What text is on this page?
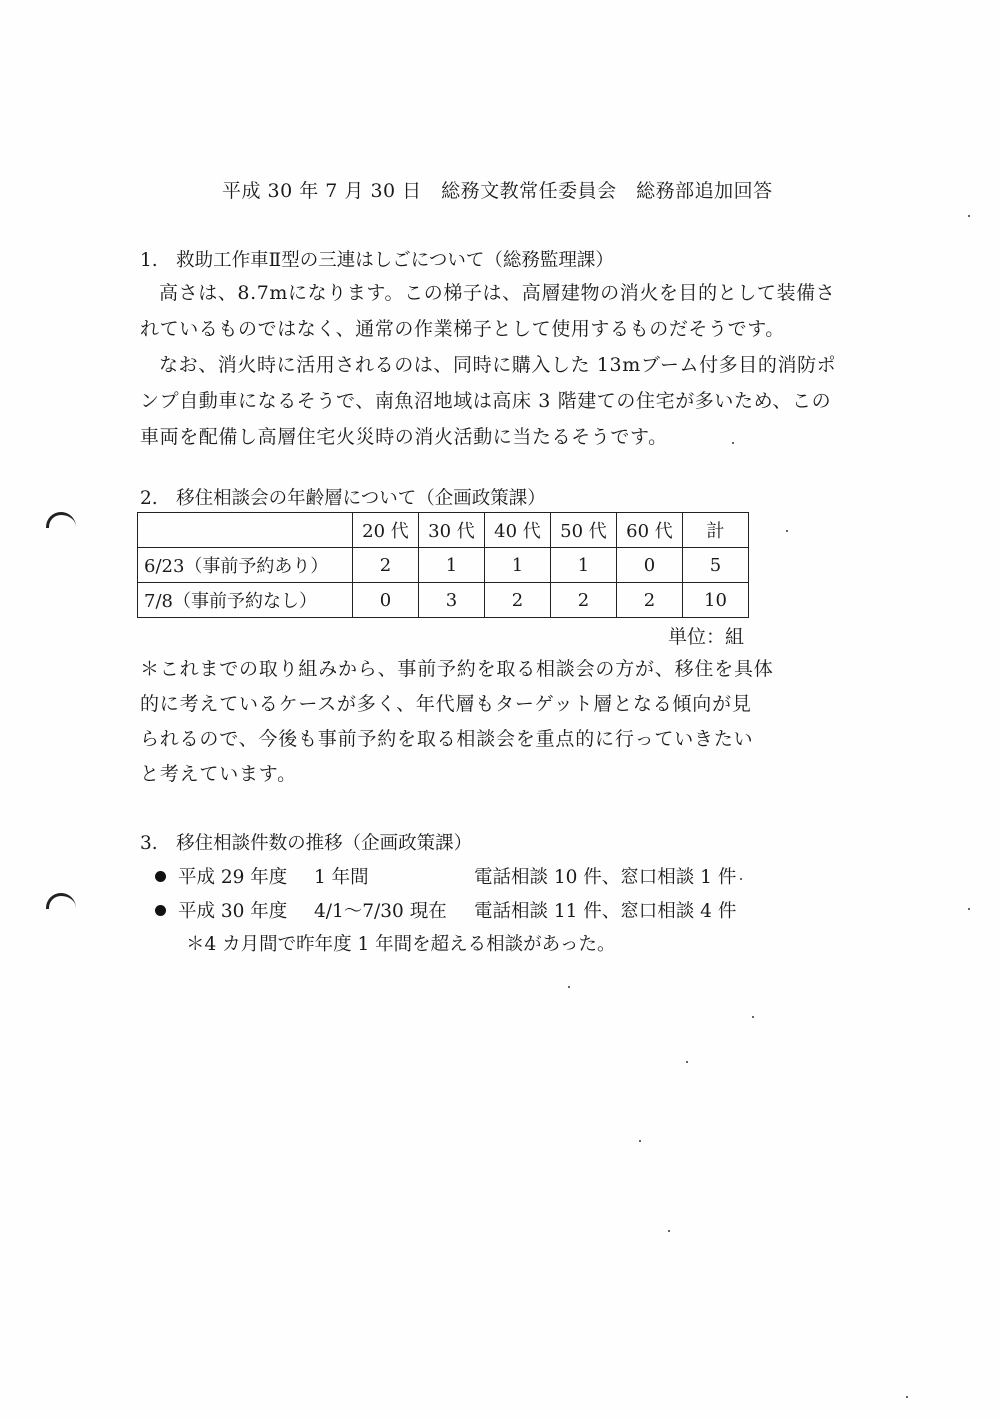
平成 30 年 7 月 30 日　総務文教常任委員会　総務部追加回答
1.　救助工作車Ⅱ型の三連はしごについて（総務監理課）
高さは、8.7mになります。この梯子は、高層建物の消火を目的として装備さ
れているものではなく、通常の作業梯子として使用するものだそうです。
なお、消火時に活用されるのは、同時に購入した 13mブーム付多目的消防ポ
ンプ自動車になるそうで、南魚沼地域は高床 3 階建ての住宅が多いため、この
車両を配備し高層住宅火災時の消火活動に当たるそうです。
2.　移住相談会の年齢層について（企画政策課）
	20 代	30 代	40 代	50 代	60 代	計
6/23（事前予約あり）	2	1	1	1	0	5
7/8（事前予約なし）	0	3	2	2	2	10
単位：組
＊これまでの取り組みから、事前予約を取る相談会の方が、移住を具体
的に考えているケースが多く、年代層もターゲット層となる傾向が見
られるので、今後も事前予約を取る相談会を重点的に行っていきたい
と考えています。
3.　移住相談件数の推移（企画政策課）
平成 29 年度 1 年間	電話相談 10 件、窓口相談 1 件
平成 30 年度 4/1～7/30 現在 電話相談 11 件、窓口相談 4 件
＊4 カ月間で昨年度 1 年間を超える相談があった。
